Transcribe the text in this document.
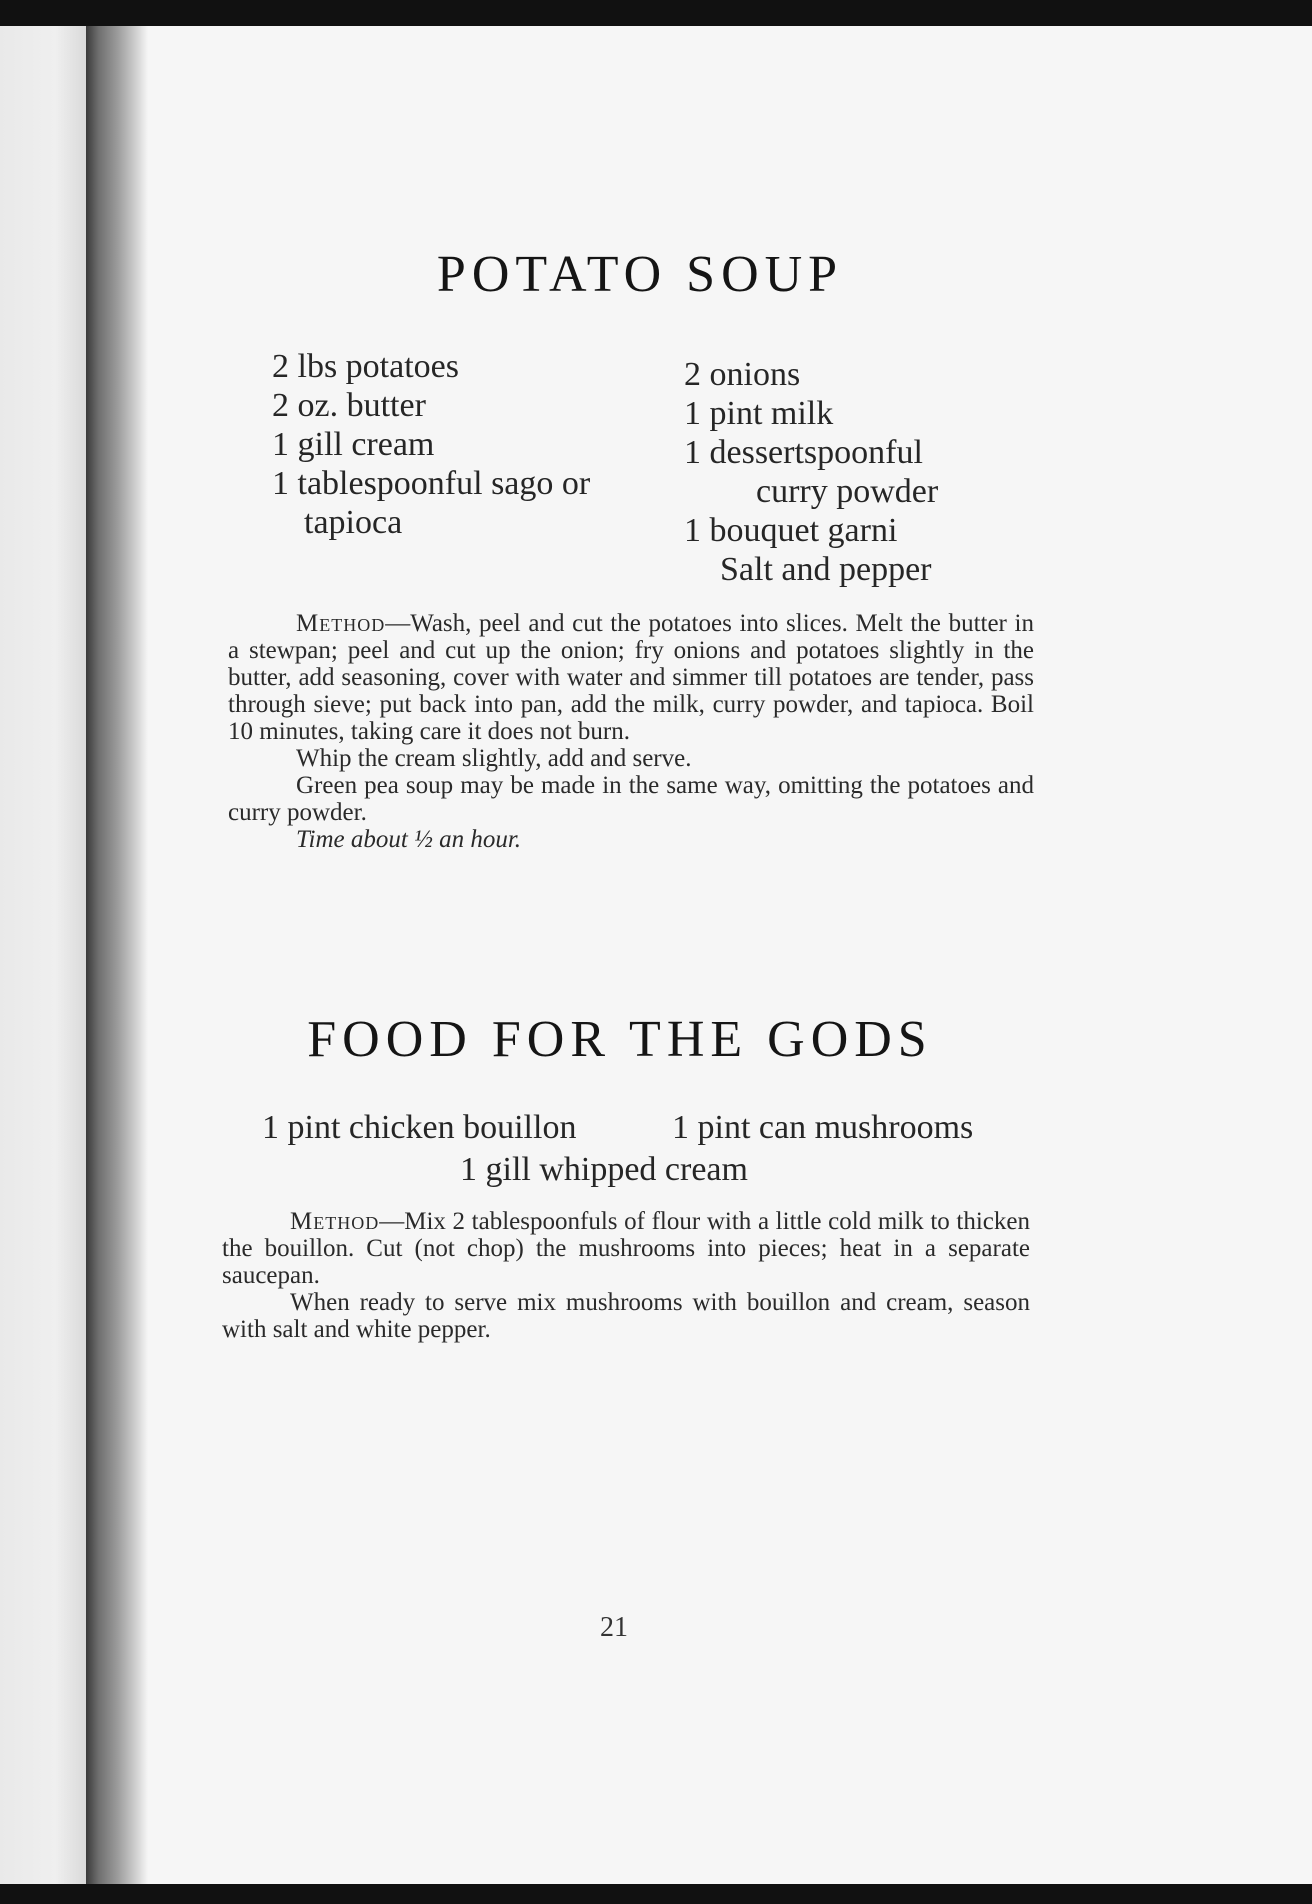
POTATO SOUP
2 lbs potatoes
2 oz. butter
1 gill cream
1 tablespoonful sago or
tapioca
2 onions
1 pint milk
1 dessertspoonful
curry powder
1 bouquet garni
Salt and pepper

Method—Wash, peel and cut the potatoes into slices. Melt the butter in a stewpan; peel and cut up the onion; fry onions and potatoes slightly in the butter, add seasoning, cover with water and simmer till potatoes are tender, pass through sieve; put back into pan, add the milk, curry powder, and tapioca. Boil 10 minutes, taking care it does not burn.

Whip the cream slightly, add and serve.

Green pea soup may be made in the same way, omitting the potatoes and curry powder.

Time about ½ an hour.

FOOD FOR THE GODS
1 pint chicken bouillon	1 pint can mushrooms
1 gill whipped cream

Method—Mix 2 tablespoonfuls of flour with a little cold milk to thicken the bouillon. Cut (not chop) the mushrooms into pieces; heat in a separate saucepan.

When ready to serve mix mushrooms with bouillon and cream, season with salt and white pepper.

21
